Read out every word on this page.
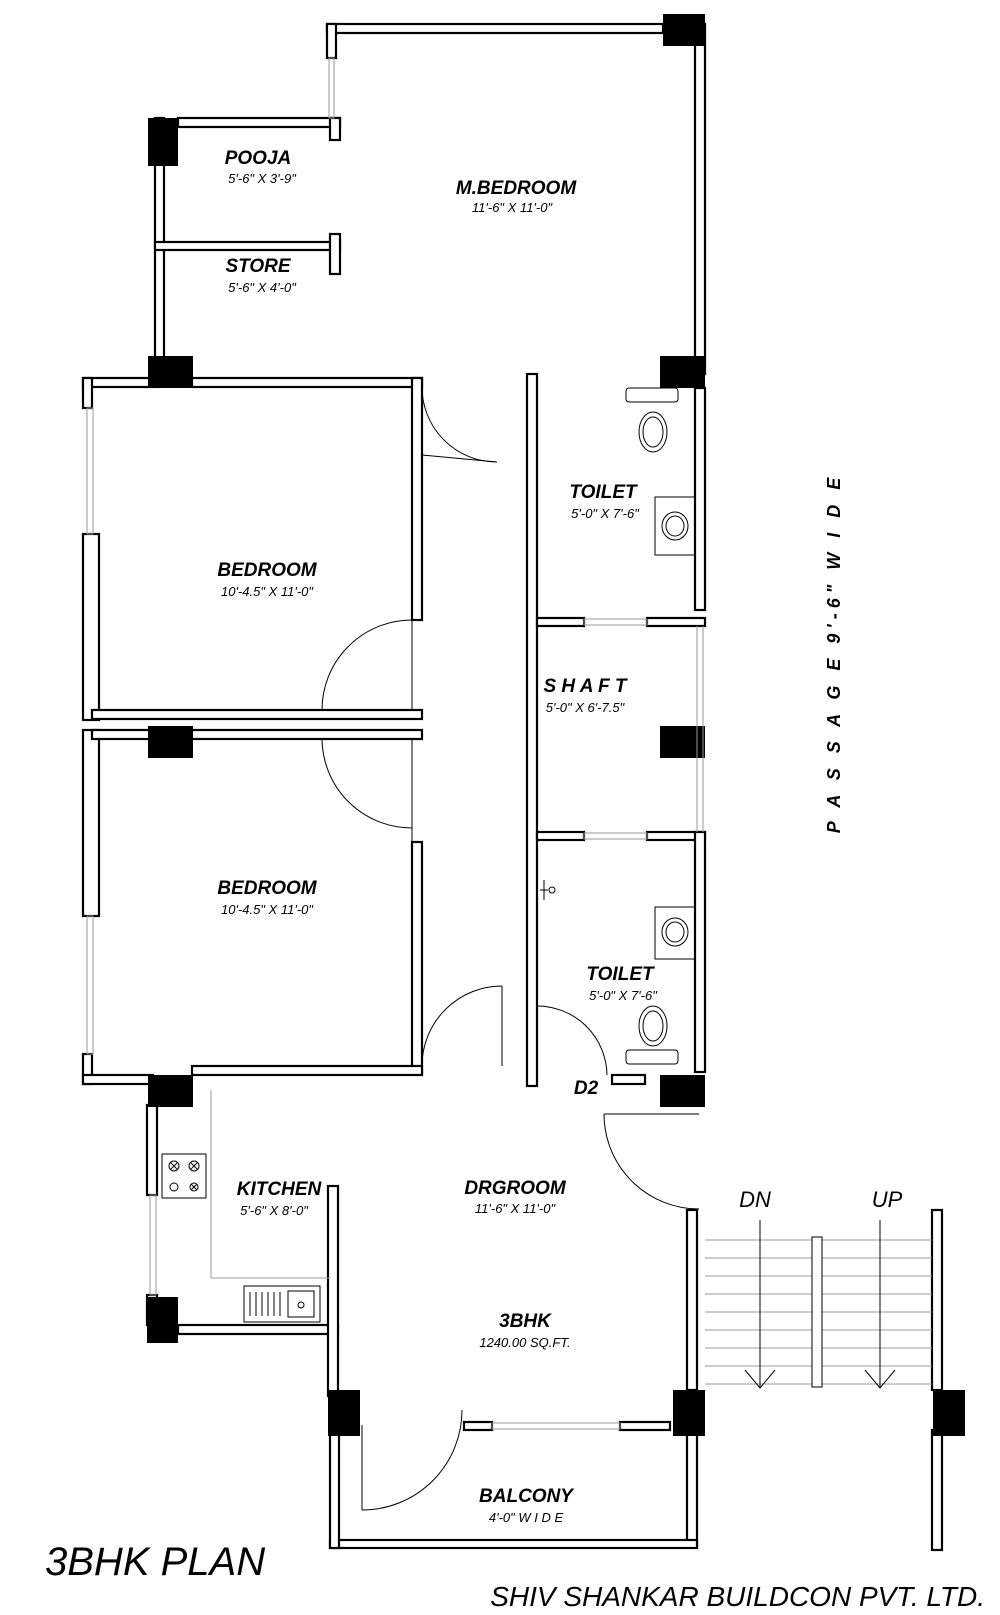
POOJA
5'-6" X 3'-9"
STORE
5'-6" X 4'-0"
M.BEDROOM
11'-6" X 11'-0"
BEDROOM
10'-4.5" X 11'-0"
BEDROOM
10'-4.5" X 11'-0"
TOILET
5'-0" X 7'-6"
S H A F T
5'-0" X 6'-7.5"
TOILET
5'-0" X 7'-6"
D2
KITCHEN
5'-6" X 8'-0"
DRGROOM
11'-6" X 11'-0"
3BHK
1240.00 SQ.FT.
BALCONY
4'-0" W I D E
DN	UP
P A S S A G E 9'-6" W I D E
3BHK PLAN
SHIV SHANKAR BUILDCON PVT. LTD.
